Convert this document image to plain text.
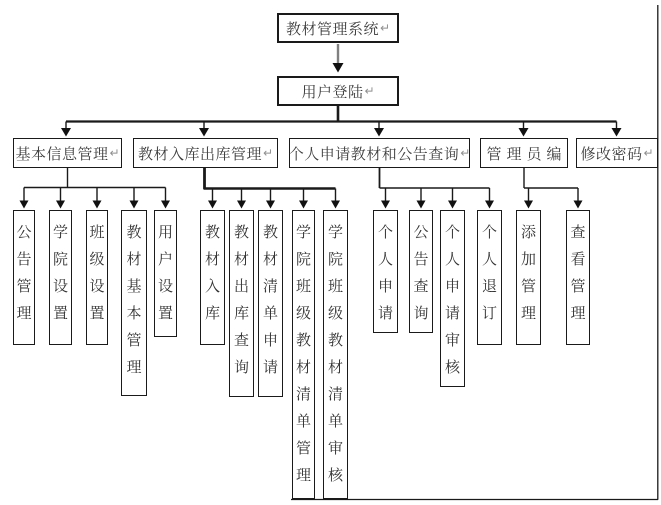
教材管理系统 ↵
用户登陆 ↵
基本信息管理 ↵ 教材入库出库管理 ↵ 个人申请教材和公告查询 ↵ 管理员编 修改密码 ↵
公
告
管
理
学
院
设
置
班
级
设
置
教
材
基
本
管
理
用
户
设
置
教
材
入
库
教
材
出
库
查
询
教
材
清
单
申
请
学
院
班
级
教
材
清
单
管
理
学
院
班
级
教
材
清
单
审
核
个
人
申
请
公
告
查
询
个
人
申
请
审
核
个
人
退
订
添
加
管
理
查
看
管
理
